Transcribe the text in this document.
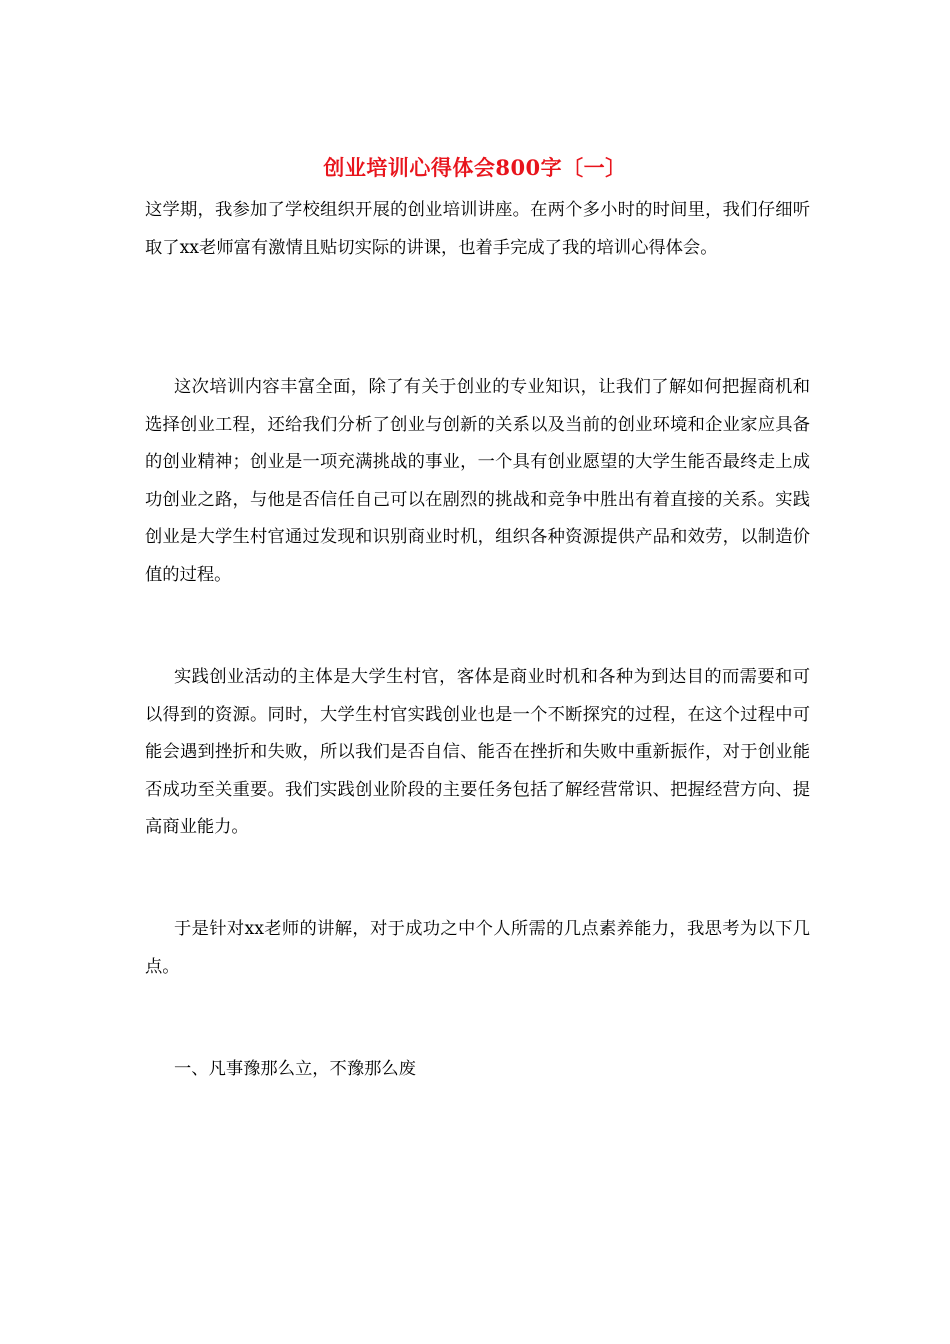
创业培训心得体会800字〔一〕
这学期，我参加了学校组织开展的创业培训讲座。在两个多小时的时间里，我们仔细听取了xx老师富有激情且贴切实际的讲课，也着手完成了我的培训心得体会。
这次培训内容丰富全面，除了有关于创业的专业知识，让我们了解如何把握商机和选择创业工程，还给我们分析了创业与创新的关系以及当前的创业环境和企业家应具备的创业精神；创业是一项充满挑战的事业，一个具有创业愿望的大学生能否最终走上成功创业之路，与他是否信任自己可以在剧烈的挑战和竞争中胜出有着直接的关系。实践创业是大学生村官通过发现和识别商业时机，组织各种资源提供产品和效劳，以制造价值的过程。
实践创业活动的主体是大学生村官，客体是商业时机和各种为到达目的而需要和可以得到的资源。同时，大学生村官实践创业也是一个不断探究的过程，在这个过程中可能会遇到挫折和失败，所以我们是否自信、能否在挫折和失败中重新振作，对于创业能否成功至关重要。我们实践创业阶段的主要任务包括了解经营常识、把握经营方向、提高商业能力。
于是针对xx老师的讲解，对于成功之中个人所需的几点素养能力，我思考为以下几点。
一、凡事豫那么立，不豫那么废
